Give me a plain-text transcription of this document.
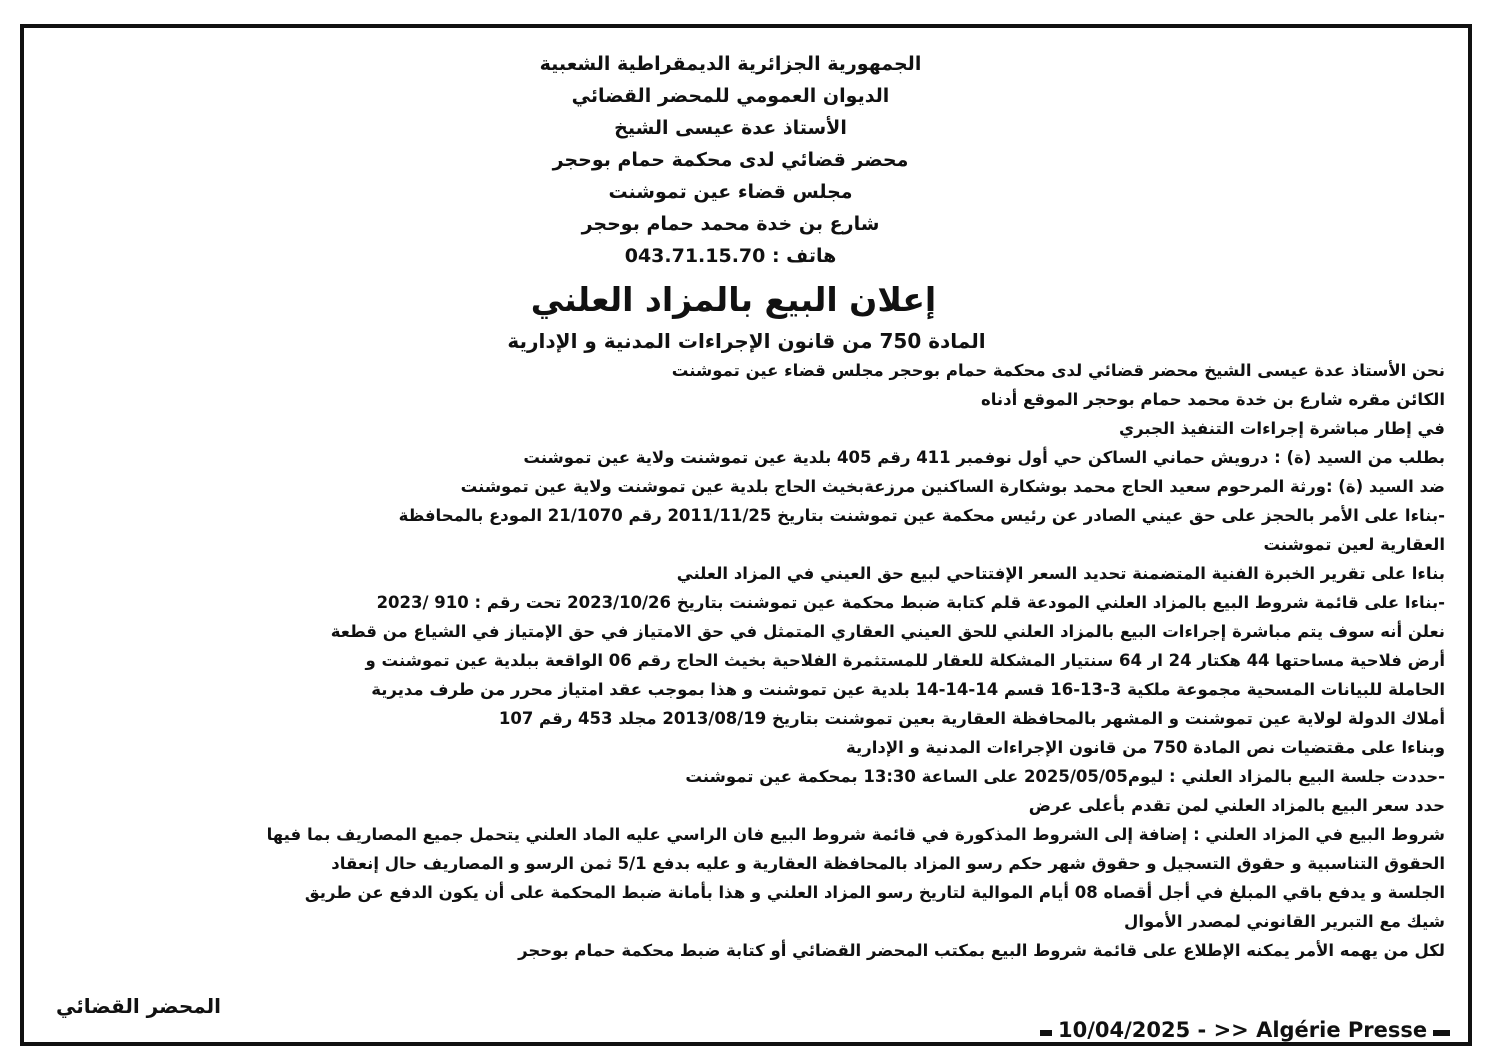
الجمهورية الجزائرية الديمقراطية الشعبية
الديوان العمومي للمحضر القضائي
الأستاذ عدة عيسى الشيخ
محضر قضائي لدى محكمة حمام بوحجر
مجلس قضاء عين تموشنت
شارع بن خدة محمد حمام بوحجر
هاتف : 043.71.15.70
إعلان البيع بالمزاد العلني
المادة 750 من قانون الإجراءات المدنية و الإدارية
نحن الأستاذ عدة عيسى الشيخ محضر قضائي لدى محكمة حمام بوحجر مجلس قضاء عين تموشنت
الكائن مقره شارع بن خدة محمد حمام بوحجر الموقع أدناه
في إطار مباشرة إجراءات التنفيذ الجبري
بطلب من السيد (ة) : درويش حماني الساكن حي أول نوفمبر 411 رقم 405 بلدية عين تموشنت ولاية عين تموشنت
ضد السيد (ة) :ورثة المرحوم سعيد الحاج محمد بوشكارة الساكنين مرزعةبخيث الحاج بلدية عين تموشنت ولاية عين تموشنت
-بناءا على الأمر بالحجز على حق عيني الصادر عن رئيس محكمة عين تموشنت بتاريخ 2011/11/25 رقم 21/1070 المودع بالمحافظة
العقارية لعين تموشنت
بناءا على تقرير الخبرة الفنية المتضمنة تحديد السعر الإفتتاحي لبيع حق العيني في المزاد العلني
-بناءا على قائمة شروط البيع بالمزاد العلني المودعة قلم كتابة ضبط محكمة عين تموشنت بتاريخ 2023/10/26 تحت رقم : 910 /2023
نعلن أنه سوف يتم مباشرة إجراءات البيع بالمزاد العلني للحق العيني العقاري المتمثل في حق الامتياز في حق الإمتياز في الشياع من قطعة
أرض فلاحية مساحتها 44 هكتار 24 ار 64 سنتيار المشكلة للعقار للمستثمرة الفلاحية بخيث الحاج رقم 06 الواقعة ببلدية عين تموشنت و
الحاملة للبيانات المسحية مجموعة ملكية 3-13-16 قسم 14-14-14 بلدية عين تموشنت و هذا بموجب عقد امتياز محرر من طرف مديرية
أملاك الدولة لولاية عين تموشنت و المشهر بالمحافظة العقارية بعين تموشنت بتاريخ 2013/08/19 مجلد 453 رقم 107
وبناءا على مقتضيات نص المادة 750 من قانون الإجراءات المدنية و الإدارية
-حددت جلسة البيع بالمزاد العلني : ليوم2025/05/05 على الساعة 13:30 بمحكمة عين تموشنت
حدد سعر البيع بالمزاد العلني لمن تقدم بأعلى عرض
شروط البيع في المزاد العلني : إضافة إلى الشروط المذكورة في قائمة شروط البيع فان الراسي عليه الماد العلني يتحمل جميع المصاريف بما فيها
الحقوق التناسبية و حقوق التسجيل و حقوق شهر حكم رسو المزاد بالمحافظة العقارية و عليه بدفع 5/1 ثمن الرسو و المصاريف حال إنعقاد
الجلسة و يدفع باقي المبلغ في أجل أقصاه 08 أيام الموالية لتاريخ رسو المزاد العلني و هذا بأمانة ضبط المحكمة على أن يكون الدفع عن طريق
شيك مع التبرير القانوني لمصدر الأموال
لكل من يهمه الأمر يمكنه الإطلاع على قائمة شروط البيع بمكتب المحضر القضائي أو كتابة ضبط محكمة حمام بوحجر
المحضر القضائي
10/04/2025 - >> Algérie Presse
